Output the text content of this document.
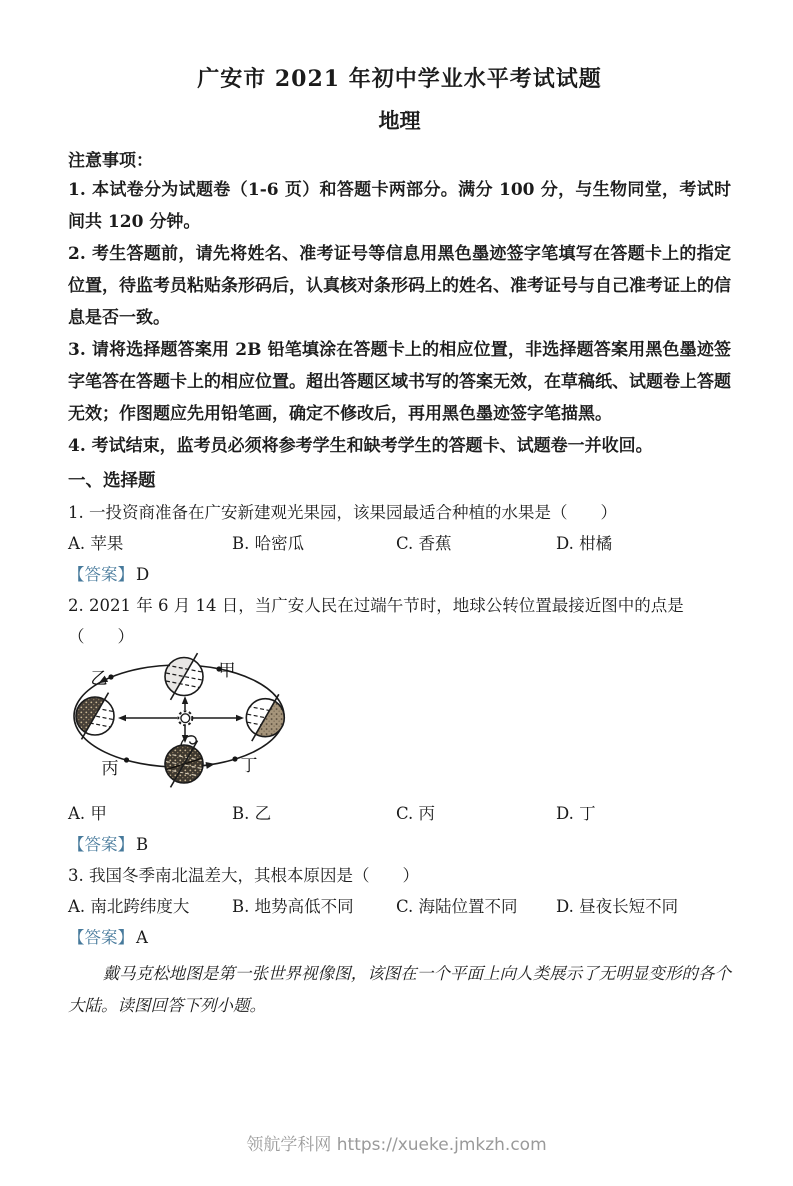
广安市 2021 年初中学业水平考试试题
地理

注意事项：

1. 本试卷分为试题卷（1-6 页）和答题卡两部分。满分 100 分，与生物同堂，考试时间共 120 分钟。

2. 考生答题前，请先将姓名、准考证号等信息用黑色墨迹签字笔填写在答题卡上的指定位置，待监考员粘贴条形码后，认真核对条形码上的姓名、准考证号与自己准考证上的信息是否一致。

3. 请将选择题答案用 2B 铅笔填涂在答题卡上的相应位置，非选择题答案用黑色墨迹签字笔答在答题卡上的相应位置。超出答题区域书写的答案无效，在草稿纸、试题卷上答题无效；作图题应先用铅笔画，确定不修改后，再用黑色墨迹签字笔描黑。

4. 考试结束，监考员必须将参考学生和缺考学生的答题卡、试题卷一并收回。

一、选择题

1. 一投资商准备在广安新建观光果园，该果园最适合种植的水果是（　　）

A. 苹果	B. 哈密瓜	C. 香蕉	D. 柑橘

【答案】 D

2. 2021 年 6 月 14 日，当广安人民在过端午节时，地球公转位置最接近图中的点是（　　）

乙	甲
丙	丁
A. 甲	B. 乙	C. 丙	D. 丁

【答案】 B

3. 我国冬季南北温差大，其根本原因是（　　）

A. 南北跨纬度大	B. 地势高低不同	C. 海陆位置不同	D. 昼夜长短不同

【答案】 A

戴马克松地图是第一张世界视像图，该图在一个平面上向人类展示了无明显变形的各个大陆。读图回答下列小题。

领航学科网 https://xueke.jmkzh.com
